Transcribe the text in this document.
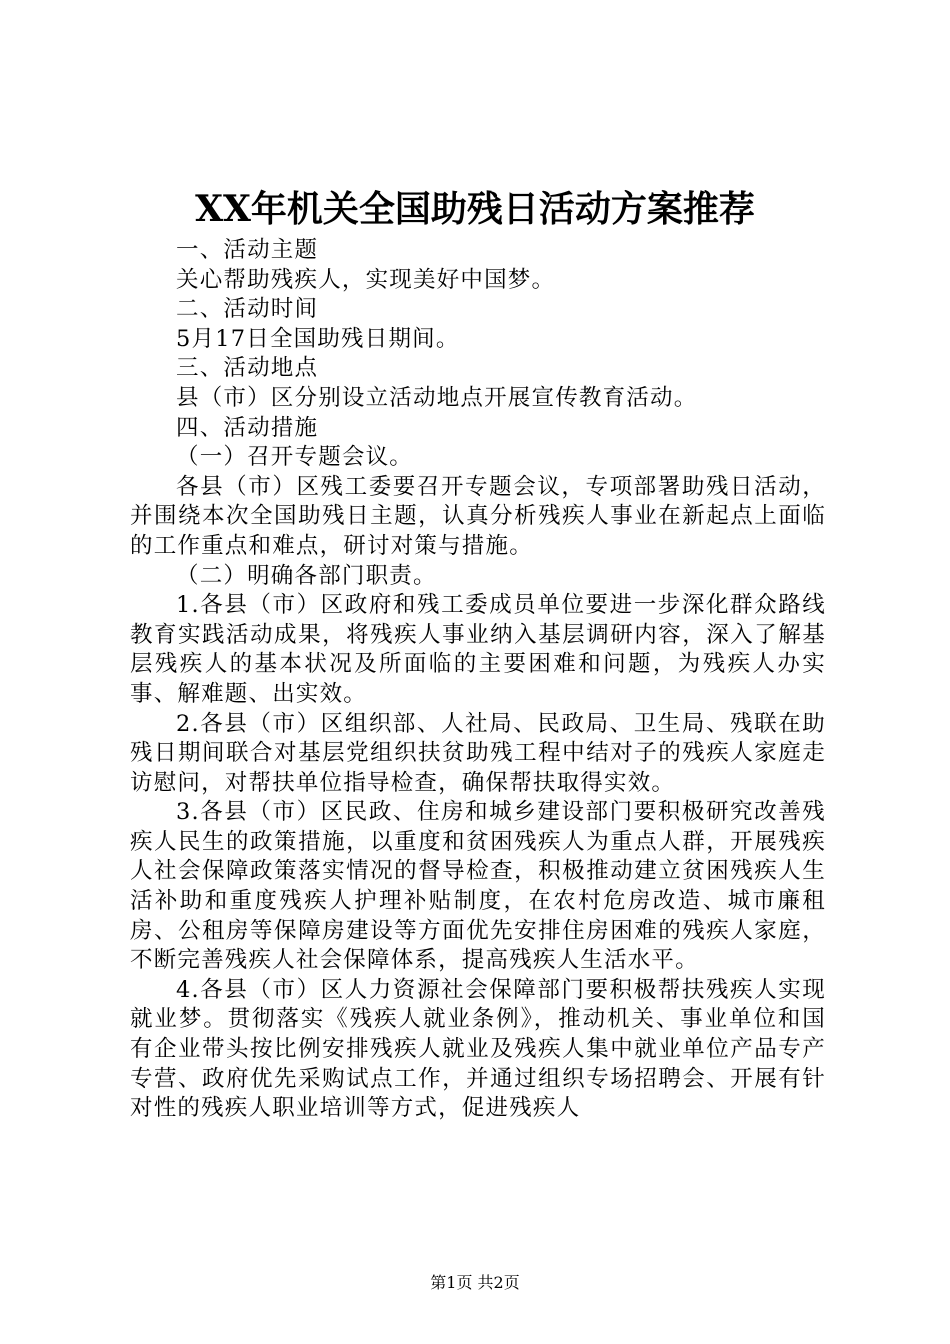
XX年机关全国助残日活动方案推荐

一、活动主题

关心帮助残疾人，实现美好中国梦。

二、活动时间

5月17日全国助残日期间。

三、活动地点

县（市）区分别设立活动地点开展宣传教育活动。

四、活动措施

（一）召开专题会议。

各县（市）区残工委要召开专题会议，专项部署助残日活动，并围绕本次全国助残日主题，认真分析残疾人事业在新起点上面临的工作重点和难点，研讨对策与措施。

（二）明确各部门职责。

1.各县（市）区政府和残工委成员单位要进一步深化群众路线教育实践活动成果，将残疾人事业纳入基层调研内容，深入了解基层残疾人的基本状况及所面临的主要困难和问题，为残疾人办实事、解难题、出实效。

2.各县（市）区组织部、人社局、民政局、卫生局、残联在助残日期间联合对基层党组织扶贫助残工程中结对子的残疾人家庭走访慰问，对帮扶单位指导检查，确保帮扶取得实效。

3.各县（市）区民政、住房和城乡建设部门要积极研究改善残疾人民生的政策措施，以重度和贫困残疾人为重点人群，开展残疾人社会保障政策落实情况的督导检查，积极推动建立贫困残疾人生活补助和重度残疾人护理补贴制度，在农村危房改造、城市廉租房、公租房等保障房建设等方面优先安排住房困难的残疾人家庭，不断完善残疾人社会保障体系，提高残疾人生活水平。

4.各县（市）区人力资源社会保障部门要积极帮扶残疾人实现就业梦。贯彻落实《残疾人就业条例》，推动机关、事业单位和国有企业带头按比例安排残疾人就业及残疾人集中就业单位产品专产专营、政府优先采购试点工作，并通过组织专场招聘会、开展有针对性的残疾人职业培训等方式，促进残疾人

第1页 共2页
